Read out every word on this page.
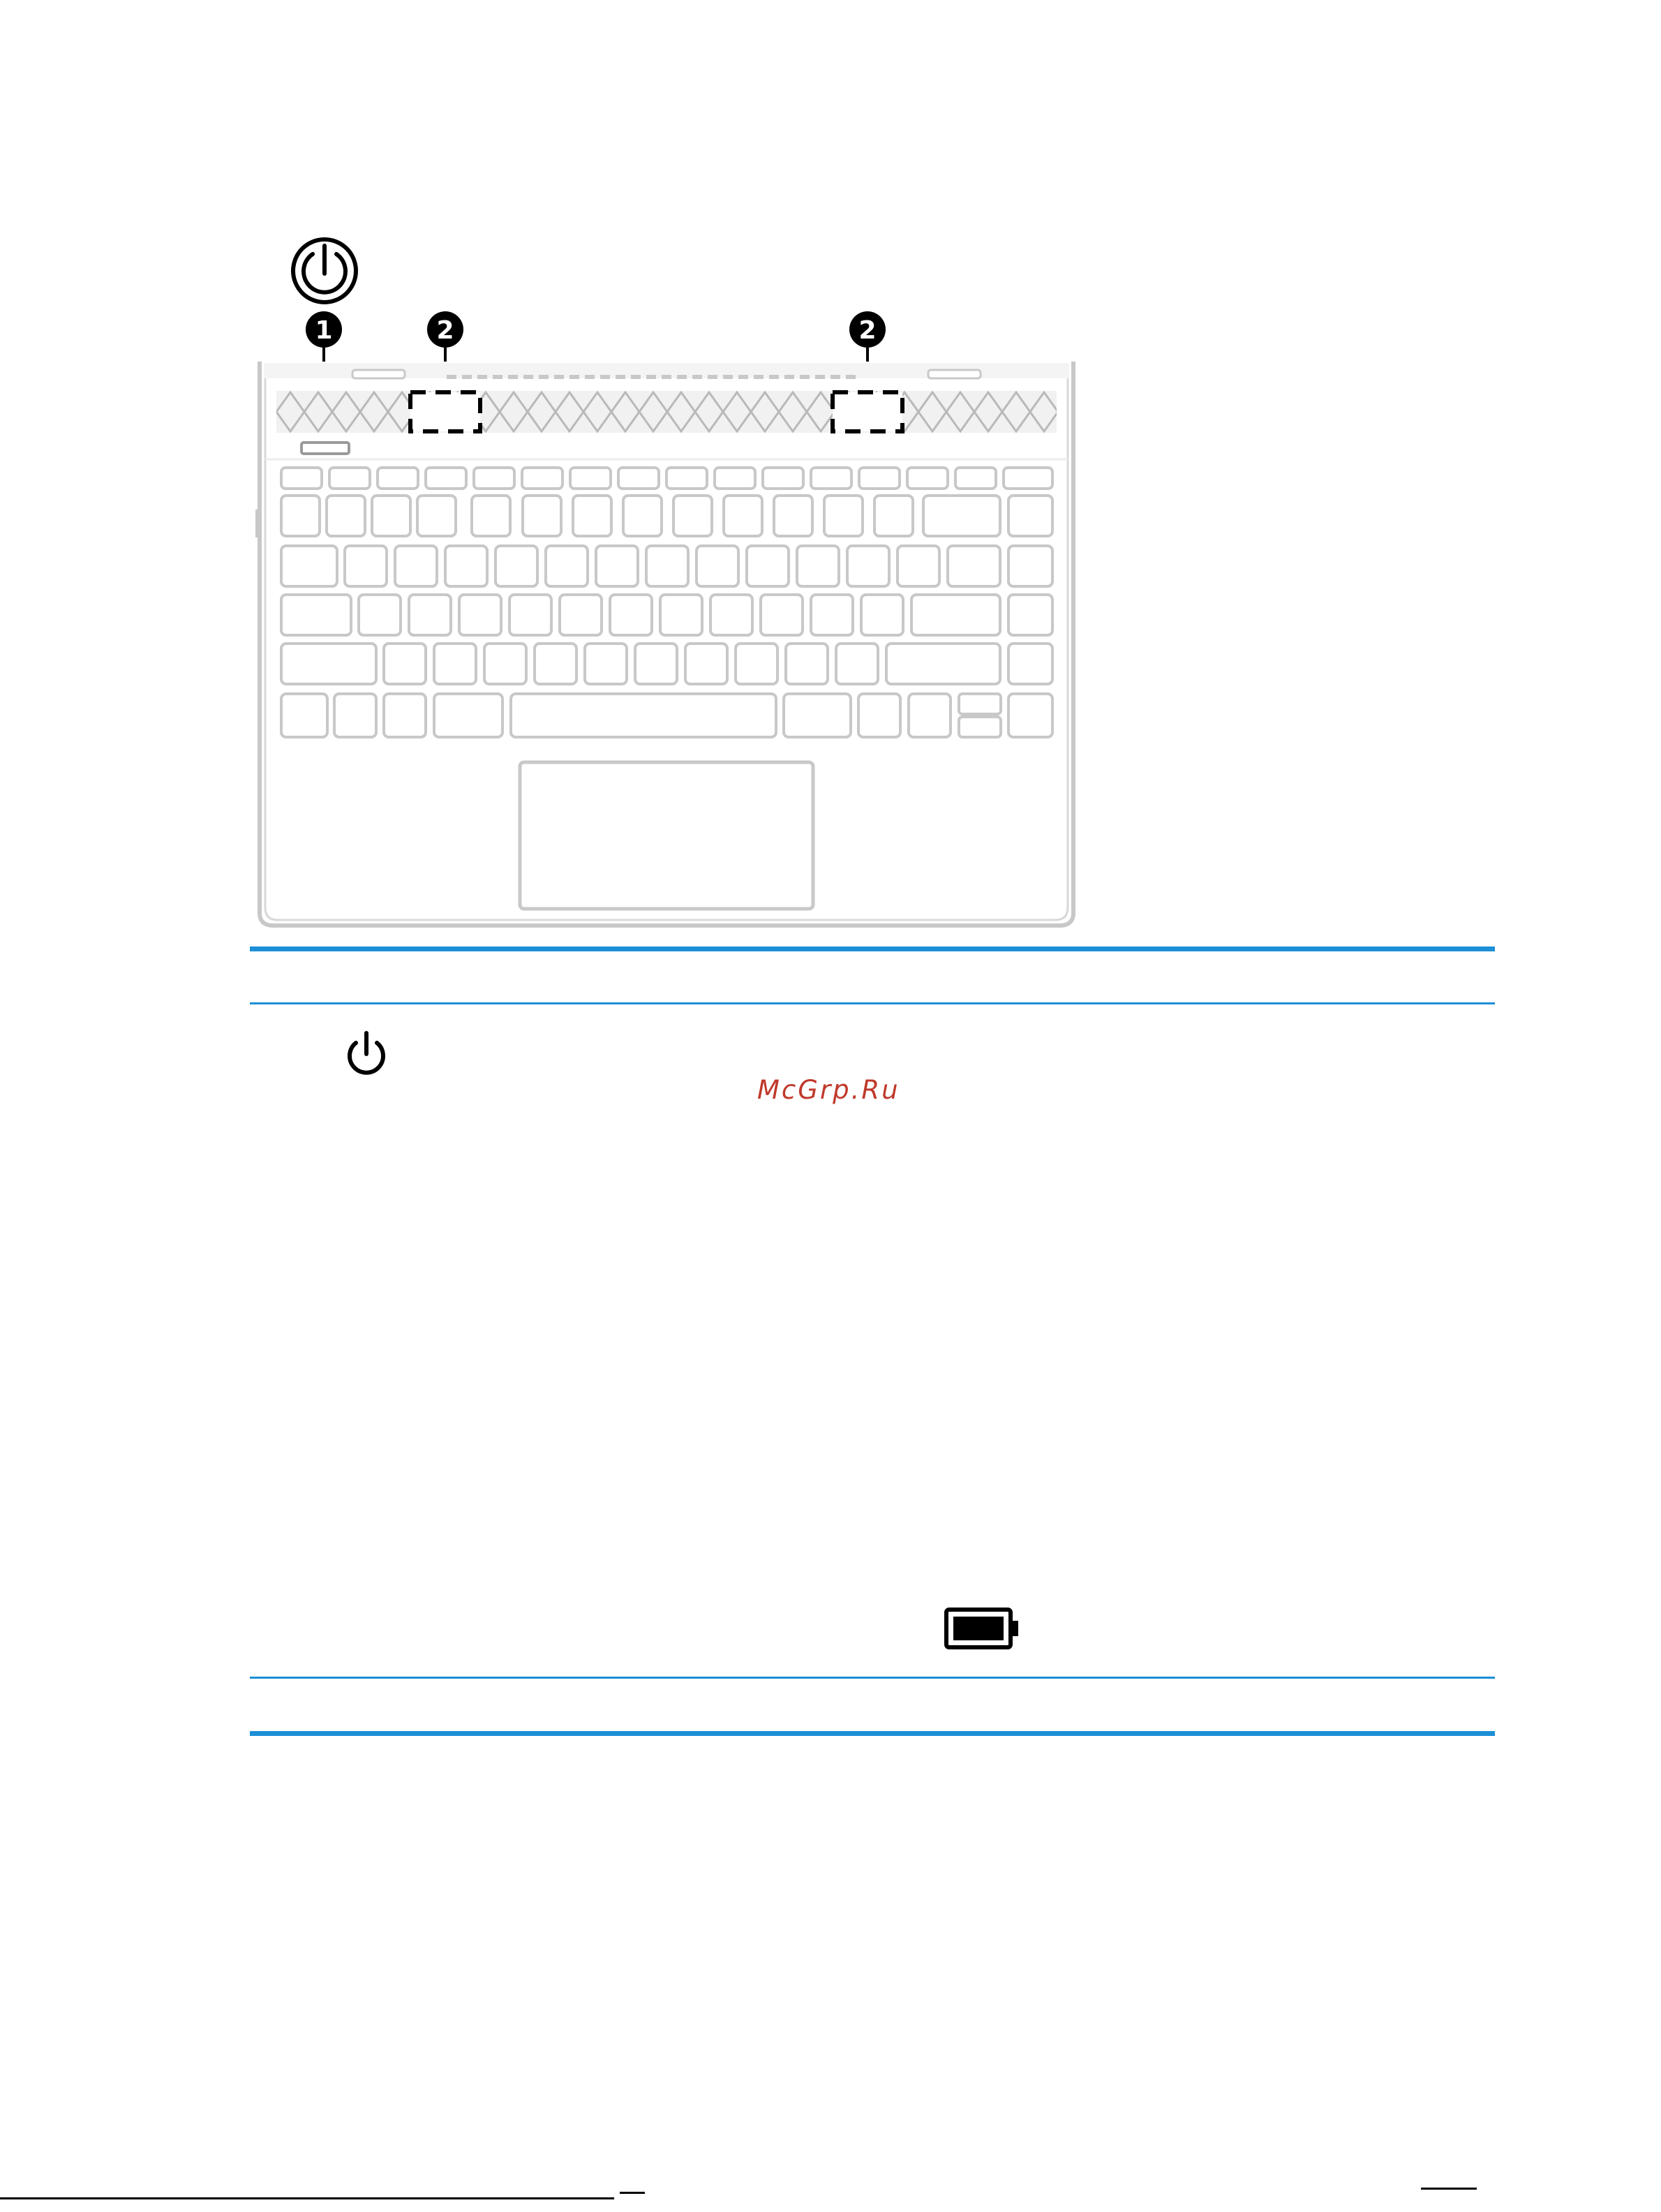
1	2	2
McGrp.Ru
